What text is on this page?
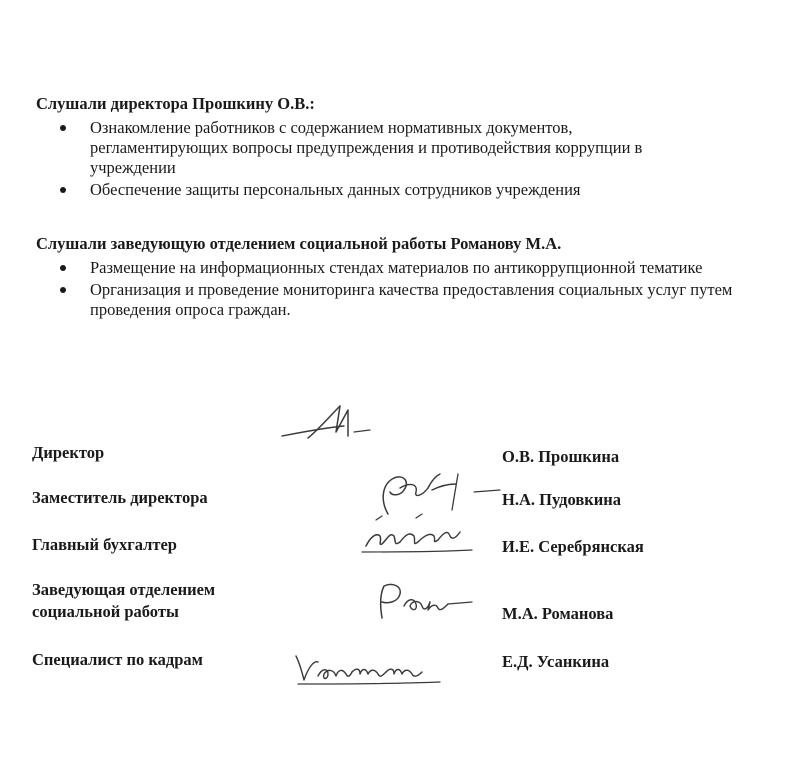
Слушали директора Прошкину О.В.:

Ознакомление работников с содержанием нормативных документов, регламентирующих вопросы предупреждения и противодействия коррупции в учреждении
Обеспечение защиты персональных данных сотрудников учреждения

Слушали заведующую отделением социальной работы Романову М.А.

Размещение на информационных стендах материалов по антикоррупционной тематике
Организация и проведение мониторинга качества предоставления социальных услуг путем проведения опроса граждан.
Директор	О.В. Прошкина
Заместитель директора	Н.А. Пудовкина
Главный бухгалтер	И.Е. Серебрянская
Заведующая отделением
социальной работы	М.А. Романова
Специалист по кадрам	Е.Д. Усанкина
